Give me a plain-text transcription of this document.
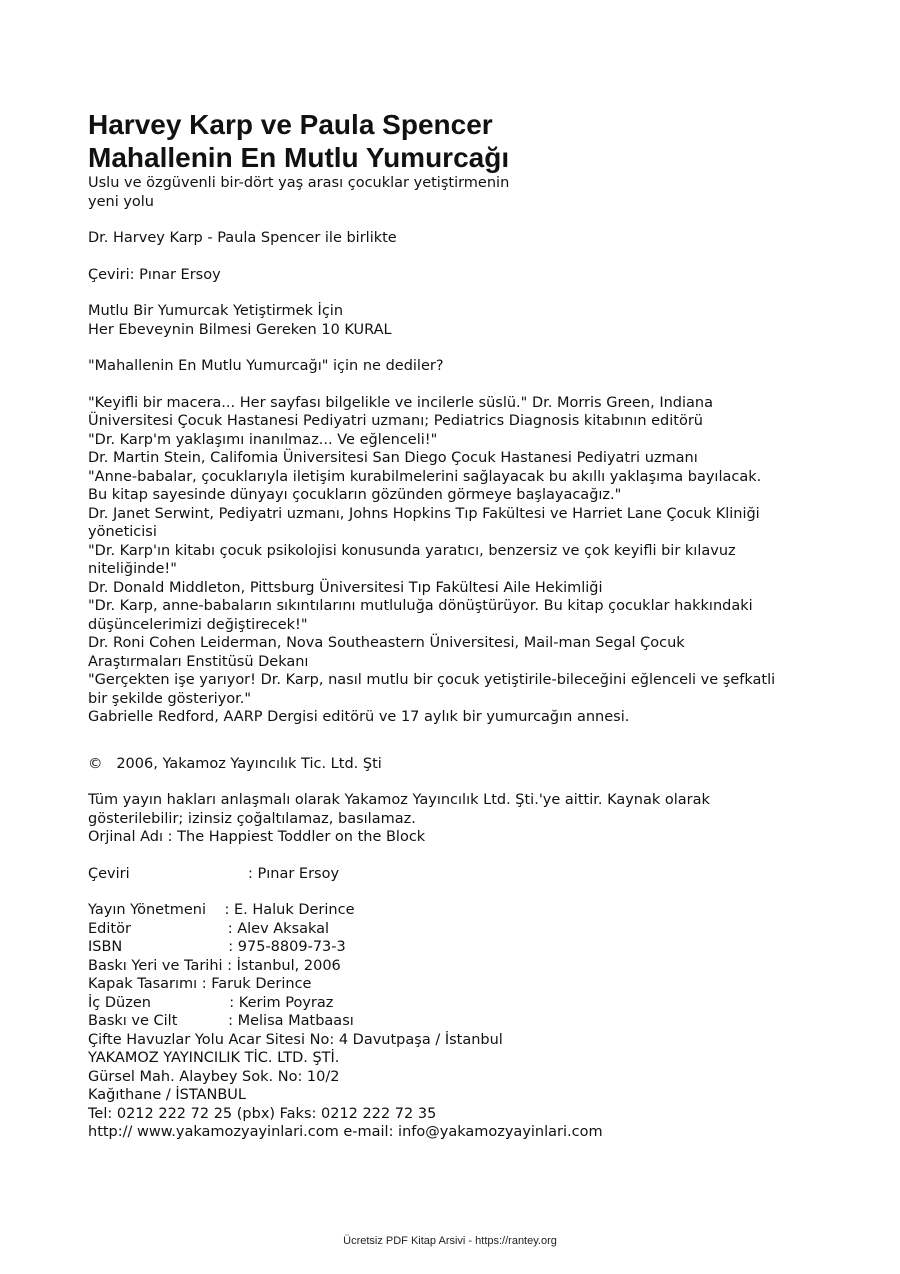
Harvey Karp ve Paula Spencer
Mahallenin En Mutlu Yumurcağı

Uslu ve özgüvenli bir-dört yaş arası çocuklar yetiştirmenin

yeni yolu

Dr. Harvey Karp - Paula Spencer ile birlikte

Çeviri: Pınar Ersoy

Mutlu Bir Yumurcak Yetiştirmek İçin

Her Ebeveynin Bilmesi Gereken 10 KURAL

"Mahallenin En Mutlu Yumurcağı" için ne dediler?

"Keyifli bir macera... Her sayfası bilgelikle ve incilerle süslü." Dr. Morris Green, Indiana

Üniversitesi Çocuk Hastanesi Pediyatri uzmanı; Pediatrics Diagnosis kitabının editörü

"Dr. Karp'm yaklaşımı inanılmaz... Ve eğlenceli!"

Dr. Martin Stein, Califomia Üniversitesi San Diego Çocuk Hastanesi Pediyatri uzmanı

"Anne-babalar, çocuklarıyla iletişim kurabilmelerini sağlayacak bu akıllı yaklaşıma bayılacak.

Bu kitap sayesinde dünyayı çocukların gözünden görmeye başlayacağız."

Dr. Janet Serwint, Pediyatri uzmanı, Johns Hopkins Tıp Fakültesi ve Harriet Lane Çocuk Kliniği

yöneticisi

"Dr. Karp'ın kitabı çocuk psikolojisi konusunda yaratıcı, benzersiz ve çok keyifli bir kılavuz

niteliğinde!"

Dr. Donald Middleton, Pittsburg Üniversitesi Tıp Fakültesi Aile Hekimliği

"Dr. Karp, anne-babaların sıkıntılarını mutluluğa dönüştürüyor. Bu kitap çocuklar hakkındaki

düşüncelerimizi değiştirecek!"

Dr. Roni Cohen Leiderman, Nova Southeastern Üniversitesi, Mail-man Segal Çocuk

Araştırmaları Enstitüsü Dekanı

"Gerçekten işe yarıyor! Dr. Karp, nasıl mutlu bir çocuk yetiştirile-bileceğini eğlenceli ve şefkatli

bir şekilde gösteriyor."

Gabrielle Redford, AARP Dergisi editörü ve 17 aylık bir yumurcağın annesi.

©   2006, Yakamoz Yayıncılık Tic. Ltd. Şti

Tüm yayın hakları anlaşmalı olarak Yakamoz Yayıncılık Ltd. Şti.'ye aittir. Kaynak olarak

gösterilebilir; izinsiz çoğaltılamaz, basılamaz.

Orjinal Adı : The Happiest Toddler on the Block

Çeviri	: Pınar Ersoy

Yayın Yönetmeni    : E. Haluk Derince

Editör                     : Alev Aksakal

ISBN                       : 975-8809-73-3

Baskı Yeri ve Tarihi : İstanbul, 2006

Kapak Tasarımı : Faruk Derince

İç Düzen                 : Kerim Poyraz

Baskı ve Cilt           : Melisa Matbaası

Çifte Havuzlar Yolu Acar Sitesi No: 4 Davutpaşa / İstanbul

YAKAMOZ YAYINCILIK TİC. LTD. ŞTİ.

Gürsel Mah. Alaybey Sok. No: 10/2

Kağıthane / İSTANBUL

Tel: 0212 222 72 25 (pbx) Faks: 0212 222 72 35

http:// www.yakamozyayinlari.com e-mail: info@yakamozyayinlari.com

Ücretsiz PDF Kitap Arsivi - https://rantey.org
